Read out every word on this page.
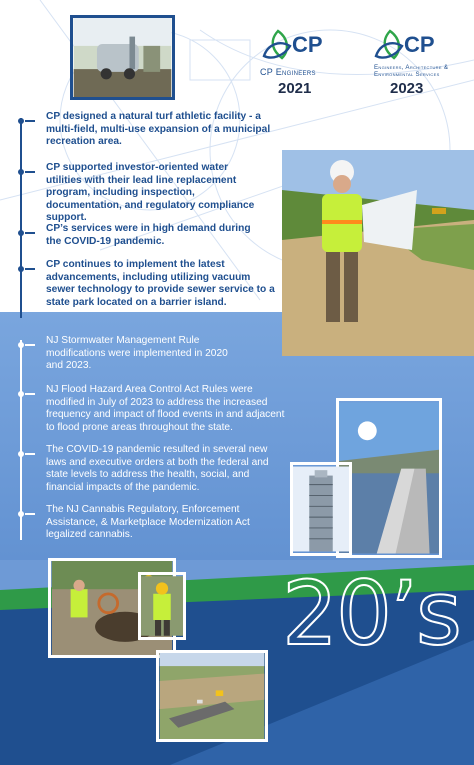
CP
CP Engineers
2021
CP
Engineers, Architecture &
Environmental Services
2023
CP designed a natural turf athletic facility - a multi-field, multi-use expansion of a municipal recreation area.
CP supported investor-oriented water utilities with their lead line replacement program, including inspection, documentation, and regulatory compliance support.
CP’s services were in high demand during the COVID-19 pandemic.
CP continues to implement the latest advancements, including utilizing vacuum sewer technology to provide sewer service to a state park located on a barrier island.
NJ Stormwater Management Rule modifications were implemented in 2020 and 2023.
NJ Flood Hazard Area Control Act Rules were modified in July of 2023 to address the increased frequency and impact of flood events in and adjacent to flood prone areas throughout the state.
The COVID-19 pandemic resulted in several new laws and executive orders at both the federal and state levels to address the health, social, and financial impacts of the pandemic.
The NJ Cannabis Regulatory, Enforcement Assistance, & Marketplace Modernization Act legalized cannabis.
20’s
